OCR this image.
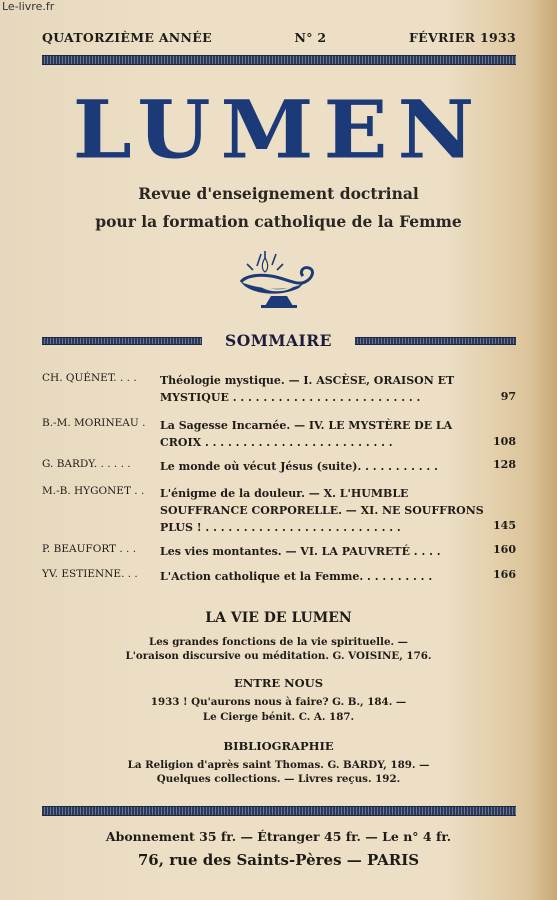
Le-livre.fr
QUATORZIÈME ANNÉE	N° 2	FÉVRIER 1933
LUMEN
Revue d'enseignement doctrinal
pour la formation catholique de la Femme
SOMMAIRE
CH. QUÉNET. . . . Théologie mystique. — I. ASCÈSE, ORAISON ET MYSTIQUE . . . . . . . . . . . . . . . . . . . . . . . . .	97
B.-M. MORINEAU . La Sagesse Incarnée. — IV. LE MYSTÈRE DE LA CROIX . . . . . . . . . . . . . . . . . . . . . . . . .	108
G. BARDY. . . . . .	Le monde où vécut Jésus (suite). . . . . . . . . . .	128
M.-B. HYGONET . . L'énigme de la douleur. — X. L'HUMBLE SOUFFRANCE CORPORELLE. — XI. NE SOUFFRONS PLUS ! . . . . . . . . . . . . . . . . . . . . . . . . . .	145
P. BEAUFORT . . . Les vies montantes. — VI. LA PAUVRETÉ . . . .	160
YV. ESTIENNE. . . L'Action catholique et la Femme. . . . . . . . . .	166
LA VIE DE LUMEN
Les grandes fonctions de la vie spirituelle. —
L'oraison discursive ou méditation. G. VOISINE, 176.
ENTRE NOUS
1933 ! Qu'aurons nous à faire? G. B., 184. —
Le Cierge bénit. C. A. 187.
BIBLIOGRAPHIE
La Religion d'après saint Thomas. G. BARDY, 189. —
Quelques collections. — Livres reçus. 192.
Abonnement 35 fr. — Étranger 45 fr. — Le n° 4 fr.
76, rue des Saints-Pères — PARIS
